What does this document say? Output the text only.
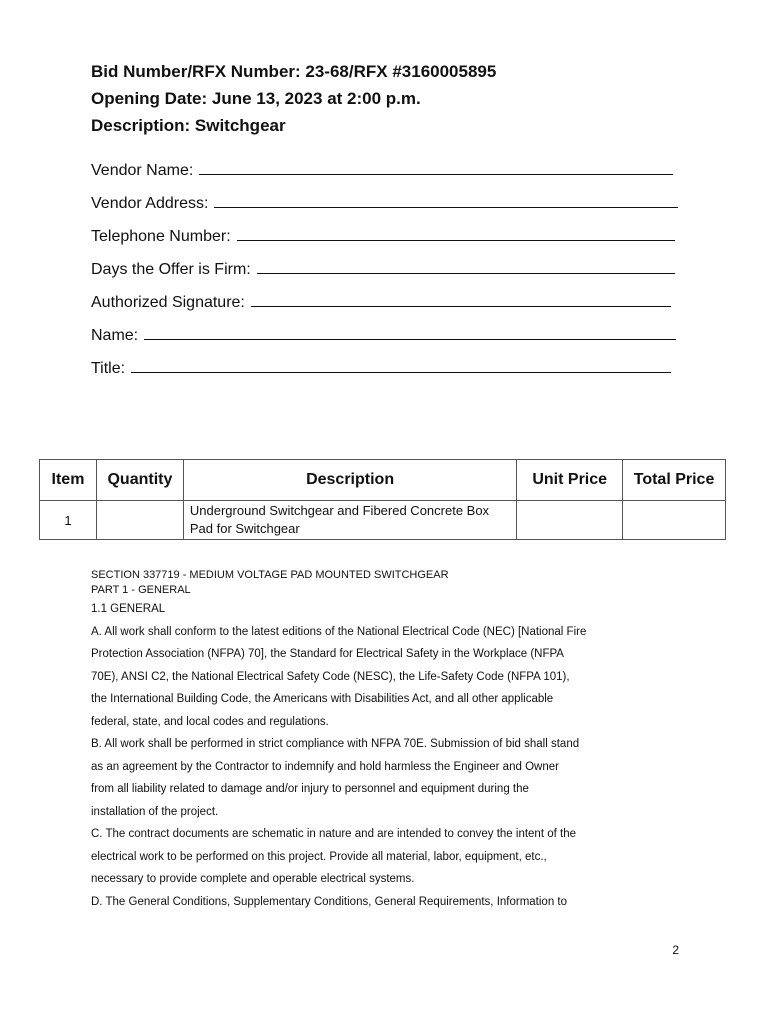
Bid Number/RFX Number: 23-68/RFX #3160005895
Opening Date: June 13, 2023 at 2:00 p.m.
Description: Switchgear
Vendor Name:
Vendor Address:
Telephone Number:
Days the Offer is Firm:
Authorized Signature:
Name:
Title:
Item	Quantity	Description	Unit Price	Total Price
1		Underground Switchgear and Fibered Concrete Box Pad for Switchgear		
SECTION 337719 - MEDIUM VOLTAGE PAD MOUNTED SWITCHGEAR
PART 1 - GENERAL
1.1 GENERAL
A. All work shall conform to the latest editions of the National Electrical Code (NEC) [National Fire
Protection Association (NFPA) 70], the Standard for Electrical Safety in the Workplace (NFPA
70E), ANSI C2, the National Electrical Safety Code (NESC), the Life-Safety Code (NFPA 101),
the International Building Code, the Americans with Disabilities Act, and all other applicable
federal, state, and local codes and regulations.
B. All work shall be performed in strict compliance with NFPA 70E. Submission of bid shall stand
as an agreement by the Contractor to indemnify and hold harmless the Engineer and Owner
from all liability related to damage and/or injury to personnel and equipment during the
installation of the project.
C. The contract documents are schematic in nature and are intended to convey the intent of the
electrical work to be performed on this project. Provide all material, labor, equipment, etc.,
necessary to provide complete and operable electrical systems.
D. The General Conditions, Supplementary Conditions, General Requirements, Information to
2
